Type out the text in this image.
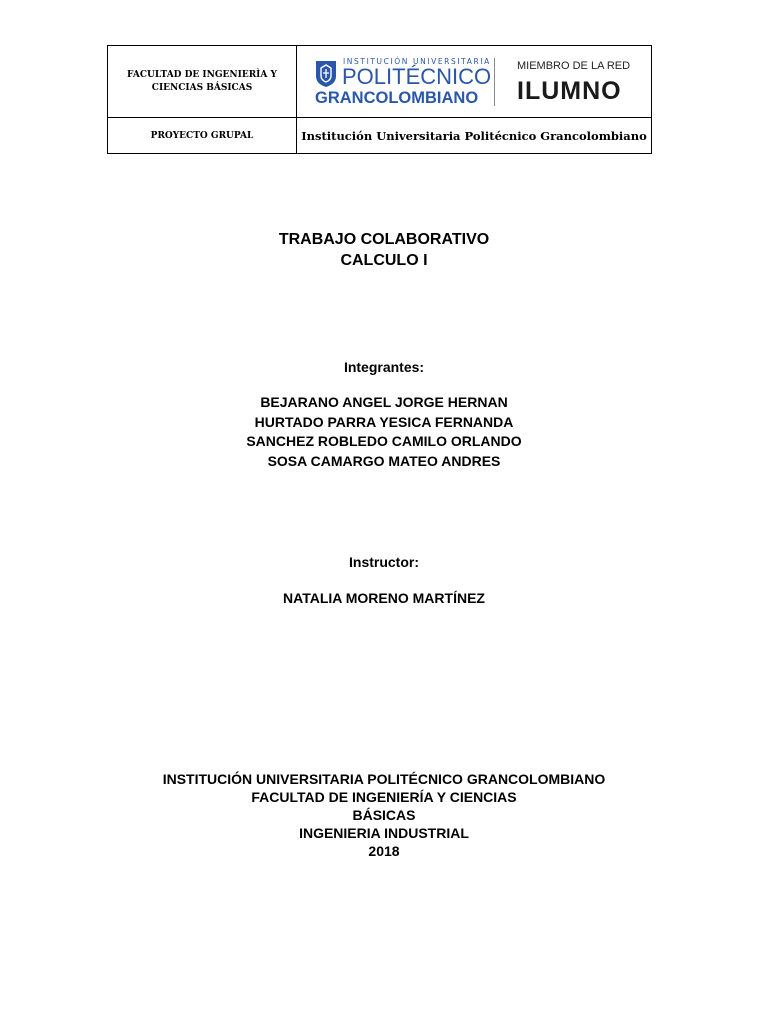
FACULTAD DE INGENIERÌA Y
CIENCIAS BÁSICAS
INSTITUCIÓN UNIVERSITARIA
POLITÉCNICO
GRANCOLOMBIANO
MIEMBRO DE LA RED
ILUMNO
PROYECTO GRUPAL	Institución Universitaria Politécnico Grancolombiano
TRABAJO COLABORATIVO
CALCULO I
Integrantes:
BEJARANO ANGEL JORGE HERNAN
HURTADO PARRA YESICA FERNANDA
SANCHEZ ROBLEDO CAMILO ORLANDO
SOSA CAMARGO MATEO ANDRES
Instructor:
NATALIA MORENO MARTÍNEZ
INSTITUCIÓN UNIVERSITARIA POLITÉCNICO GRANCOLOMBIANO
FACULTAD DE INGENIERÍA Y CIENCIAS
BÁSICAS
INGENIERIA INDUSTRIAL
2018
